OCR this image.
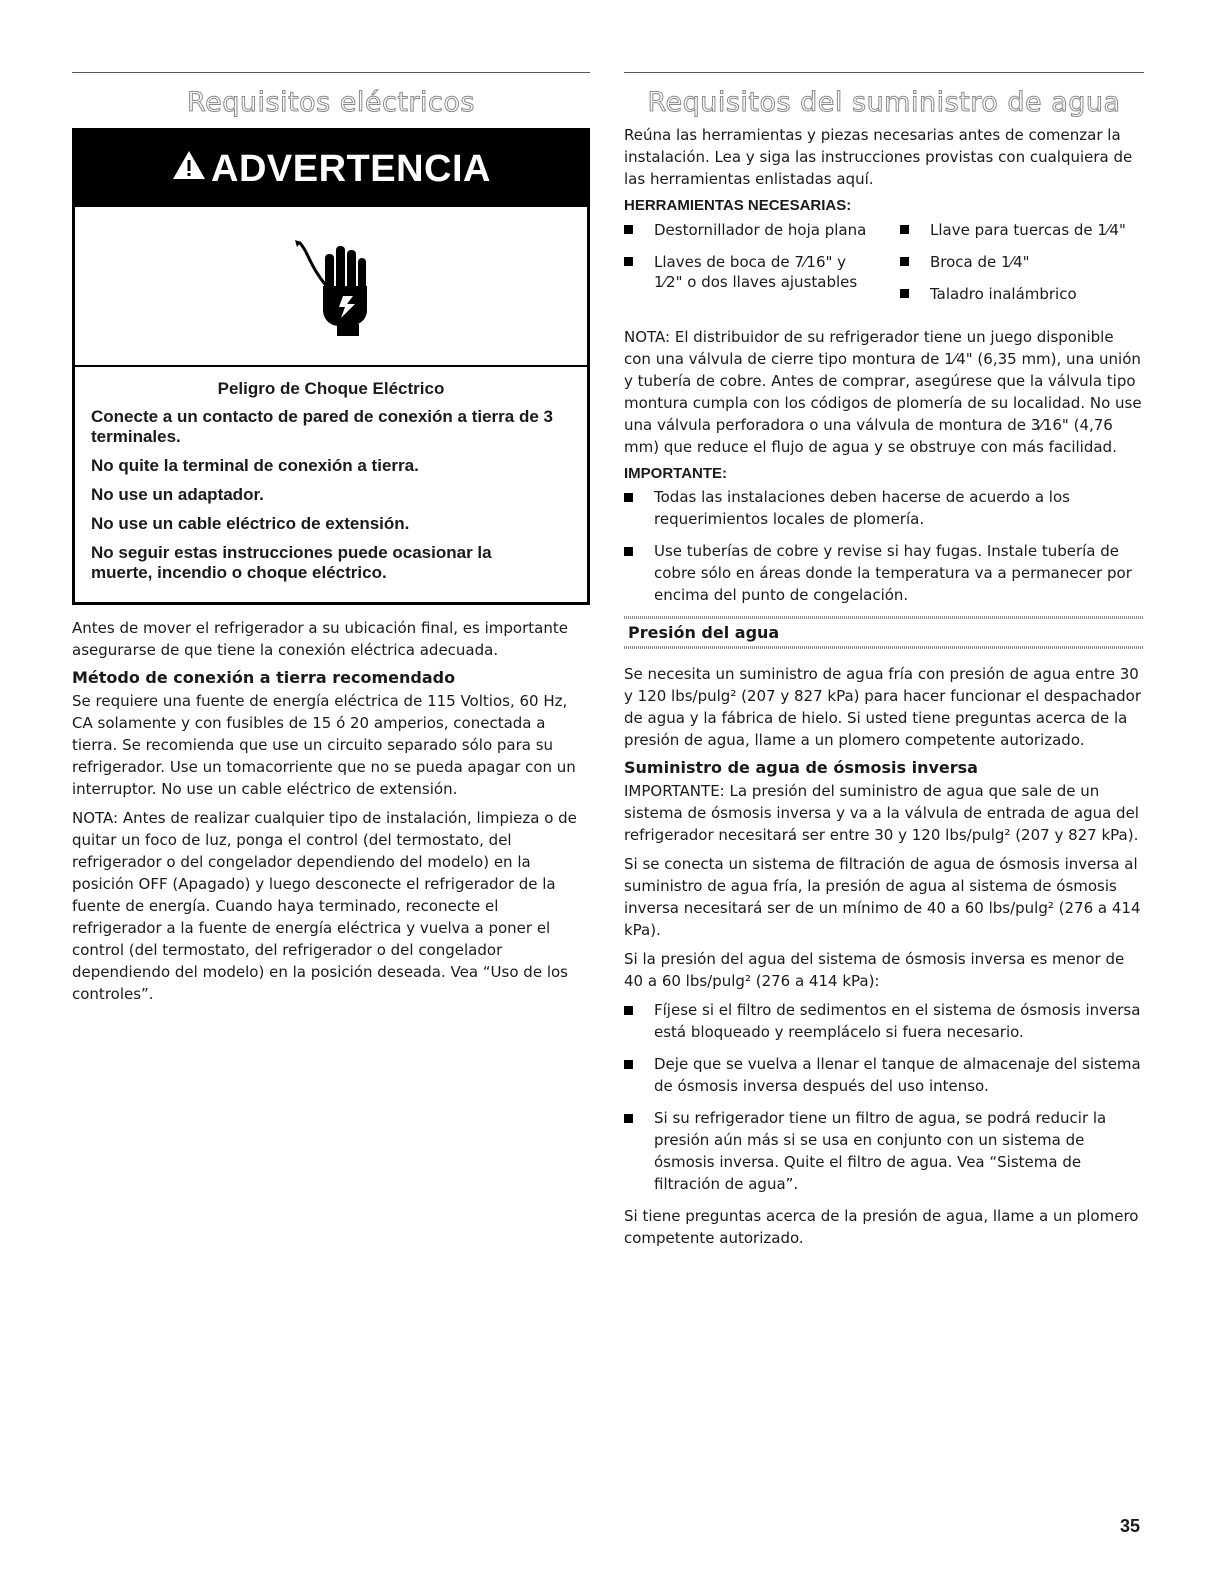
Requisitos eléctricos
ADVERTENCIA
Peligro de Choque Eléctrico

Conecte a un contacto de pared de conexión a tierra de 3 terminales.

No quite la terminal de conexión a tierra.

No use un adaptador.

No use un cable eléctrico de extensión.

No seguir estas instrucciones puede ocasionar la muerte, incendio o choque eléctrico.

Antes de mover el refrigerador a su ubicación final, es importante asegurarse de que tiene la conexión eléctrica adecuada.

Método de conexión a tierra recomendado

Se requiere una fuente de energía eléctrica de 115 Voltios, 60 Hz, CA solamente y con fusibles de 15 ó 20 amperios, conectada a tierra. Se recomienda que use un circuito separado sólo para su refrigerador. Use un tomacorriente que no se pueda apagar con un interruptor. No use un cable eléctrico de extensión.

NOTA: Antes de realizar cualquier tipo de instalación, limpieza o de quitar un foco de luz, ponga el control (del termostato, del refrigerador o del congelador dependiendo del modelo) en la posición OFF (Apagado) y luego desconecte el refrigerador de la fuente de energía. Cuando haya terminado, reconecte el refrigerador a la fuente de energía eléctrica y vuelva a poner el control (del termostato, del refrigerador o del congelador dependiendo del modelo) en la posición deseada. Vea “Uso de los controles”.

Requisitos del suministro de agua

Reúna las herramientas y piezas necesarias antes de comenzar la instalación. Lea y siga las instrucciones provistas con cualquiera de las herramientas enlistadas aquí.

HERRAMIENTAS NECESARIAS:
Destornillador de hoja plana
Llaves de boca de 7⁄16" y 1⁄2" o dos llaves ajustables
Llave para tuercas de 1⁄4"
Broca de 1⁄4"
Taladro inalámbrico

NOTA: El distribuidor de su refrigerador tiene un juego disponible con una válvula de cierre tipo montura de 1⁄4" (6,35 mm), una unión y tubería de cobre. Antes de comprar, asegúrese que la válvula tipo montura cumpla con los códigos de plomería de su localidad. No use una válvula perforadora o una válvula de montura de 3⁄16" (4,76 mm) que reduce el flujo de agua y se obstruye con más facilidad.

IMPORTANTE:
Todas las instalaciones deben hacerse de acuerdo a los requerimientos locales de plomería.
Use tuberías de cobre y revise si hay fugas. Instale tubería de cobre sólo en áreas donde la temperatura va a permanecer por encima del punto de congelación.
Presión del agua

Se necesita un suministro de agua fría con presión de agua entre 30 y 120 lbs/pulg² (207 y 827 kPa) para hacer funcionar el despachador de agua y la fábrica de hielo. Si usted tiene preguntas acerca de la presión de agua, llame a un plomero competente autorizado.

Suministro de agua de ósmosis inversa

IMPORTANTE: La presión del suministro de agua que sale de un sistema de ósmosis inversa y va a la válvula de entrada de agua del refrigerador necesitará ser entre 30 y 120 lbs/pulg² (207 y 827 kPa).

Si se conecta un sistema de filtración de agua de ósmosis inversa al suministro de agua fría, la presión de agua al sistema de ósmosis inversa necesitará ser de un mínimo de 40 a 60 lbs/pulg² (276 a 414 kPa).

Si la presión del agua del sistema de ósmosis inversa es menor de 40 a 60 lbs/pulg² (276 a 414 kPa):

Fíjese si el filtro de sedimentos en el sistema de ósmosis inversa está bloqueado y reemplácelo si fuera necesario.
Deje que se vuelva a llenar el tanque de almacenaje del sistema de ósmosis inversa después del uso intenso.
Si su refrigerador tiene un filtro de agua, se podrá reducir la presión aún más si se usa en conjunto con un sistema de ósmosis inversa. Quite el filtro de agua. Vea “Sistema de filtración de agua”.

Si tiene preguntas acerca de la presión de agua, llame a un plomero competente autorizado.

35
